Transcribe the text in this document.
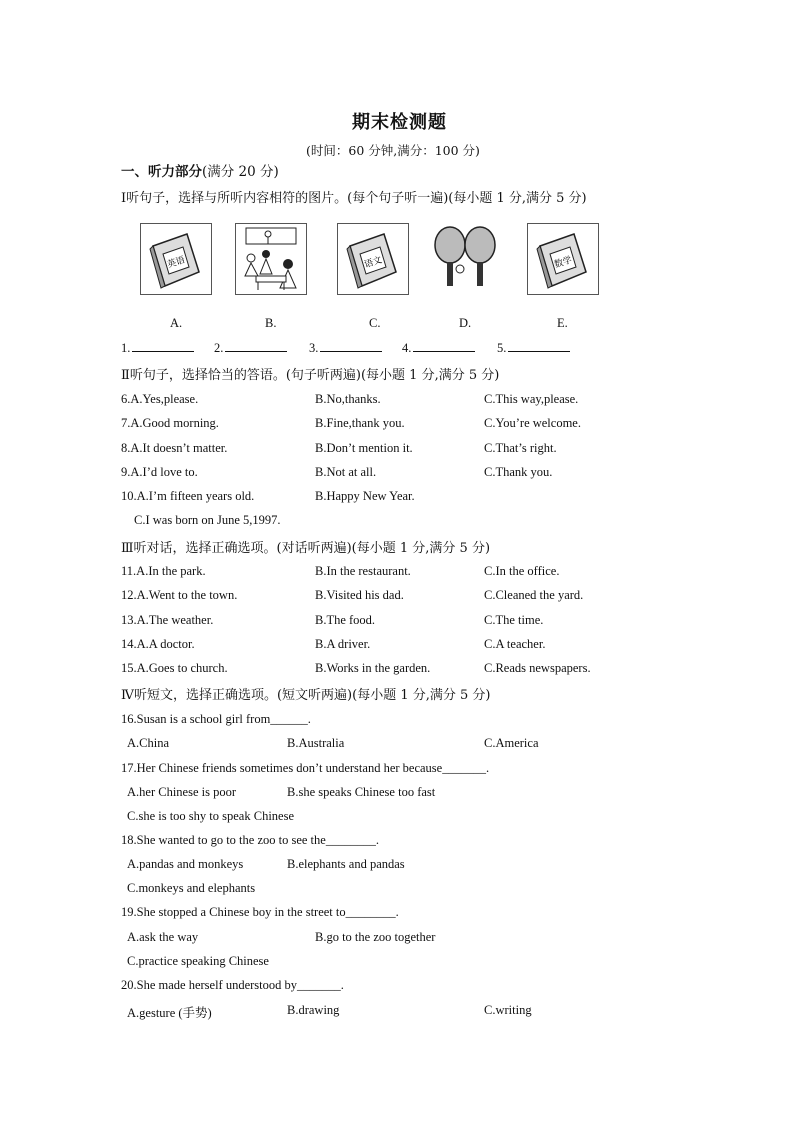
期末检测题
(时间：60 分钟,满分：100 分)
一、听力部分(满分 20 分)
Ⅰ听句子，选择与所听内容相符的图片。(每个句子听一遍)(每小题 1 分,满分 5 分)
英语	语文	数学
A.	B.	C.	D.	E.
1.	2.	3.	4.	5.
Ⅱ听句子，选择恰当的答语。(句子听两遍)(每小题 1 分,满分 5 分)
6.A.Yes,please.	B.No,thanks.	C.This way,please.
7.A.Good morning.	B.Fine,thank you.	C.You’re welcome.
8.A.It doesn’t matter.	B.Don’t mention it.	C.That’s right.
9.A.I’d love to.	B.Not at all.	C.Thank you.
10.A.I’m fifteen years old.	B.Happy New Year.
C.I was born on June 5,1997.
Ⅲ听对话，选择正确选项。(对话听两遍)(每小题 1 分,满分 5 分)
11.A.In the park.	B.In the restaurant.	C.In the office.
12.A.Went to the town.	B.Visited his dad.	C.Cleaned the yard.
13.A.The weather.	B.The food.	C.The time.
14.A.A doctor.	B.A driver.	C.A teacher.
15.A.Goes to church.	B.Works in the garden.	C.Reads newspapers.
Ⅳ听短文，选择正确选项。(短文听两遍)(每小题 1 分,满分 5 分)
16.Susan is a school girl from______.
A.China	B.Australia	C.America
17.Her Chinese friends sometimes don’t understand her because_______.
A.her Chinese is poor	B.she speaks Chinese too fast
C.she is too shy to speak Chinese
18.She wanted to go to the zoo to see the________.
A.pandas and monkeys	B.elephants and pandas
C.monkeys and elephants
19.She stopped a Chinese boy in the street to________.
A.ask the way	B.go to the zoo together
C.practice speaking Chinese
20.She made herself understood by_______.
A.gesture (手势)	B.drawing	C.writing
